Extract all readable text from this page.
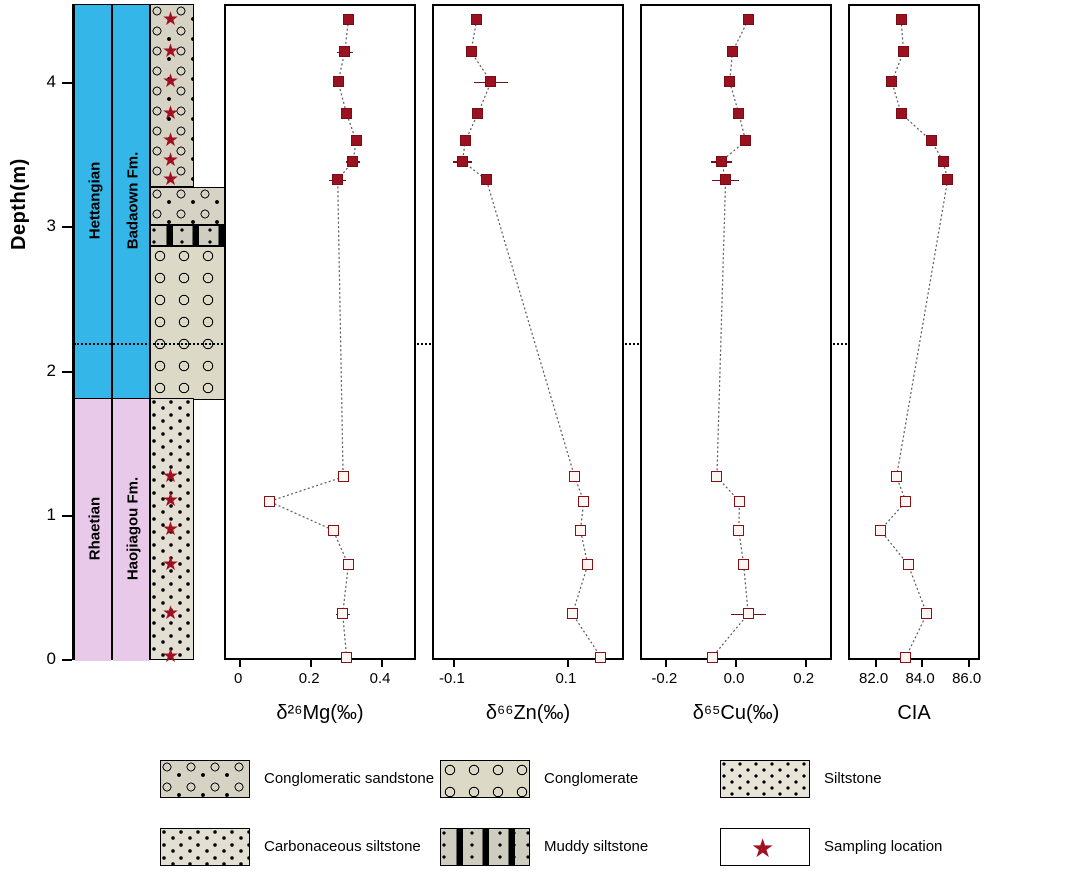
Depth(m)
0
1
2
3
4
Hettangian
Rhaetian
Badaown Fm.
Haojiagou Fm.
★
★
★
★
★
★
★
★
★
★
★
★
★
0	0.2	0.4
δ²⁶Mg(‰)
-0.1	0.1
δ⁶⁶Zn(‰)
-0.2	0.0	0.2
δ⁶⁵Cu(‰)
82.0	84.0	86.0
CIA
Conglomeratic sandstone	Conglomerate	Siltstone
Carbonaceous siltstone	Muddy siltstone	★	Sampling location
